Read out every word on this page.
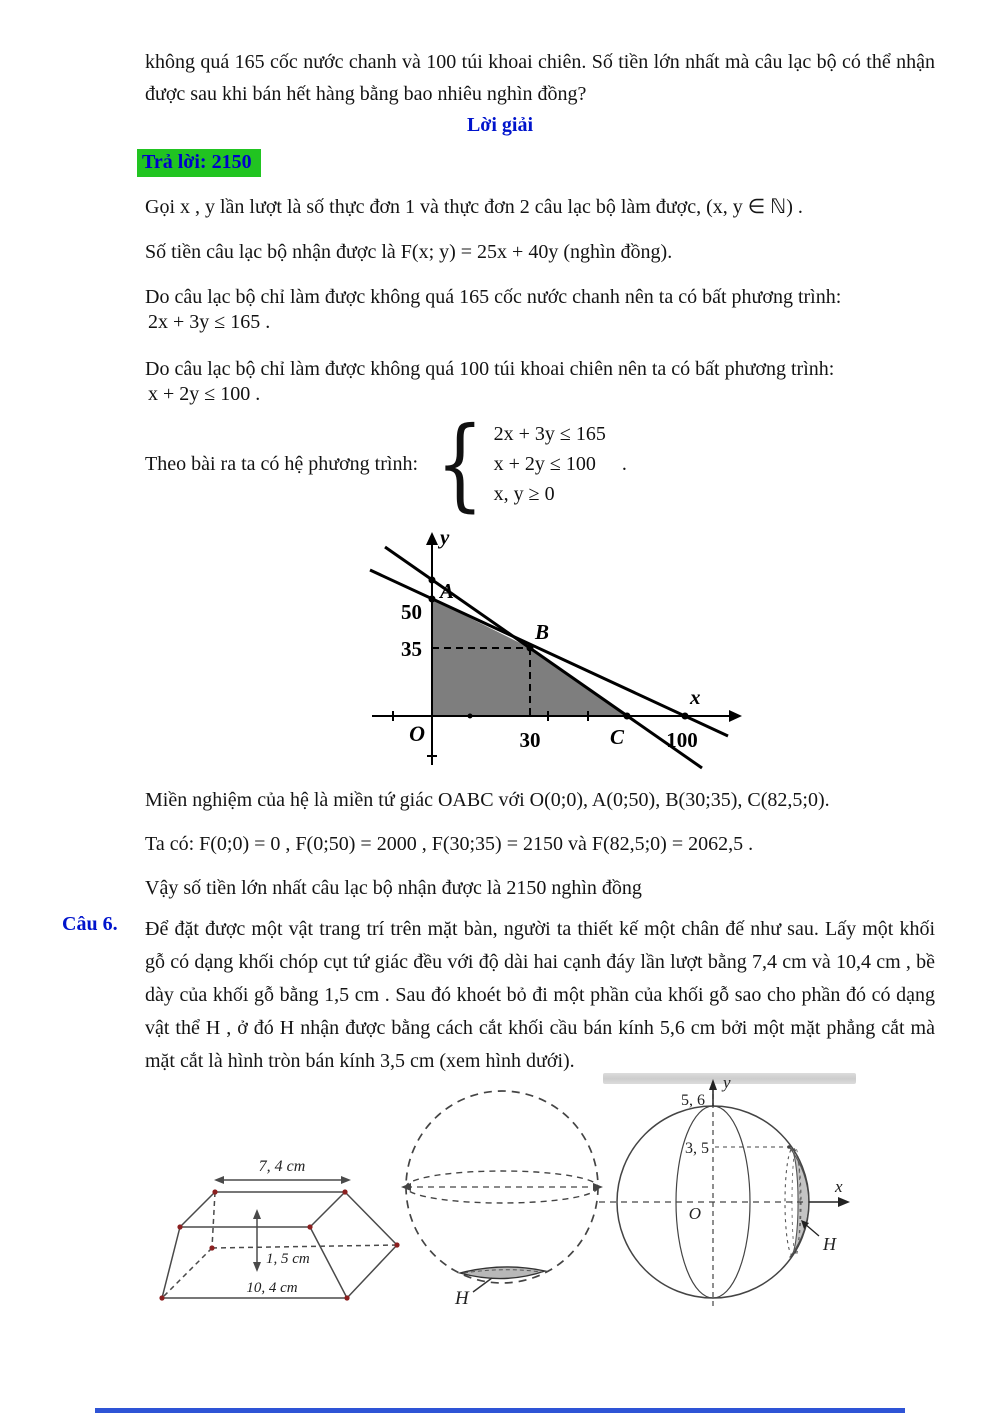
không quá 165 cốc nước chanh và 100 túi khoai chiên. Số tiền lớn nhất mà câu lạc bộ có thể nhận được sau khi bán hết hàng bằng bao nhiêu nghìn đồng?
Lời giải
Trả lời: 2150
Gọi x , y lần lượt là số thực đơn 1 và thực đơn 2 câu lạc bộ làm được, (x, y ∈ ℕ) .
Số tiền câu lạc bộ nhận được là F(x; y) = 25x + 40y (nghìn đồng).
Do câu lạc bộ chỉ làm được không quá 165 cốc nước chanh nên ta có bất phương trình:
2x + 3y ≤ 165 .
Do câu lạc bộ chỉ làm được không quá 100 túi khoai chiên nên ta có bất phương trình:
x + 2y ≤ 100 .
Theo bài ra ta có hệ phương trình: { 2x + 3y ≤ 165
x + 2y ≤ 100
x, y ≥ 0
.
y
x
O
A
B
C
50
35
30	100
Miền nghiệm của hệ là miền tứ giác OABC với O(0;0), A(0;50), B(30;35), C(82,5;0).
Ta có: F(0;0) = 0 , F(0;50) = 2000 , F(30;35) = 2150 và F(82,5;0) = 2062,5 .
Vậy số tiền lớn nhất câu lạc bộ nhận được là 2150 nghìn đồng
Câu 6. Để đặt được một vật trang trí trên mặt bàn, người ta thiết kế một chân đế như sau. Lấy một khối gỗ có dạng khối chóp cụt tứ giác đều với độ dài hai cạnh đáy lần lượt bằng 7,4 cm và 10,4 cm , bề dày của khối gỗ bằng 1,5 cm . Sau đó khoét bỏ đi một phần của khối gỗ sao cho phần đó có dạng vật thể H , ở đó H nhận được bằng cách cắt khối cầu bán kính 5,6 cm bởi một mặt phẳng cắt mà mặt cắt là hình tròn bán kính 3,5 cm (xem hình dưới).
7, 4 cm
1, 5 cm
10, 4 cm	H
y
x
5, 6
3, 5
O
H
